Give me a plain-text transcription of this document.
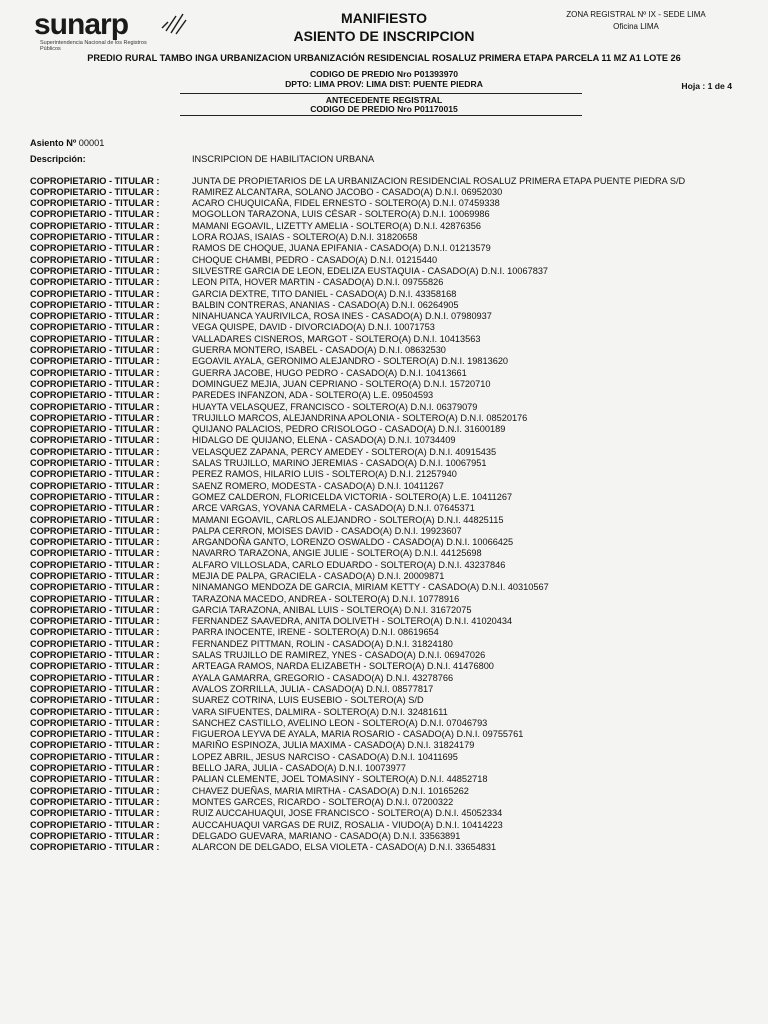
sunarp
Superintendencia Nacional de los Registros Públicos
MANIFIESTO
ASIENTO DE INSCRIPCION
ZONA REGISTRAL Nº IX - SEDE LIMA
Oficina LIMA
PREDIO RURAL TAMBO INGA URBANIZACION URBANIZACIÓN RESIDENCIAL ROSALUZ PRIMERA ETAPA PARCELA 11 MZ A1 LOTE 26
CODIGO DE PREDIO Nro P01393970
DPTO: LIMA PROV: LIMA DIST: PUENTE PIEDRA	Hoja : 1 de 4
ANTECEDENTE REGISTRAL
CODIGO DE PREDIO Nro P01170015
Asiento Nº 00001
Descripción:	INSCRIPCION DE HABILITACION URBANA
COPROPIETARIO - TITULAR :	JUNTA DE PROPIETARIOS DE LA URBANIZACION RESIDENCIAL ROSALUZ PRIMERA ETAPA PUENTE PIEDRA S/D
COPROPIETARIO - TITULAR :	RAMIREZ ALCANTARA, SOLANO JACOBO - CASADO(A) D.N.I. 06952030
COPROPIETARIO - TITULAR :	ACARO CHUQUICAÑA, FIDEL ERNESTO - SOLTERO(A) D.N.I. 07459338
COPROPIETARIO - TITULAR :	MOGOLLON TARAZONA, LUIS CÉSAR - SOLTERO(A) D.N.I. 10069986
COPROPIETARIO - TITULAR :	MAMANI EGOAVIL, LIZETTY AMELIA - SOLTERO(A) D.N.I. 42876356
COPROPIETARIO - TITULAR :	LORA ROJAS, ISAIAS - SOLTERO(A) D.N.I. 31820658
COPROPIETARIO - TITULAR :	RAMOS DE CHOQUE, JUANA EPIFANIA - CASADO(A) D.N.I. 01213579
COPROPIETARIO - TITULAR :	CHOQUE CHAMBI, PEDRO - CASADO(A) D.N.I. 01215440
COPROPIETARIO - TITULAR :	SILVESTRE GARCIA DE LEON, EDELIZA EUSTAQUIA - CASADO(A) D.N.I. 10067837
COPROPIETARIO - TITULAR :	LEON PITA, HOVER MARTIN - CASADO(A) D.N.I. 09755826
COPROPIETARIO - TITULAR :	GARCIA DEXTRE, TITO DANIEL - CASADO(A) D.N.I. 43358168
COPROPIETARIO - TITULAR :	BALBIN CONTRERAS, ANANIAS - CASADO(A) D.N.I. 06264905
COPROPIETARIO - TITULAR :	NINAHUANCA YAURIVILCA, ROSA INES - CASADO(A) D.N.I. 07980937
COPROPIETARIO - TITULAR :	VEGA QUISPE, DAVID - DIVORCIADO(A) D.N.I. 10071753
COPROPIETARIO - TITULAR :	VALLADARES CISNEROS, MARGOT - SOLTERO(A) D.N.I. 10413563
COPROPIETARIO - TITULAR :	GUERRA MONTERO, ISABEL - CASADO(A) D.N.I. 08632530
COPROPIETARIO - TITULAR :	EGOAVIL AYALA, GERONIMO ALEJANDRO - SOLTERO(A) D.N.I. 19813620
COPROPIETARIO - TITULAR :	GUERRA JACOBE, HUGO PEDRO - CASADO(A) D.N.I. 10413661
COPROPIETARIO - TITULAR :	DOMINGUEZ MEJIA, JUAN CEPRIANO - SOLTERO(A) D.N.I. 15720710
COPROPIETARIO - TITULAR :	PAREDES INFANZON, ADA - SOLTERO(A) L.E. 09504593
COPROPIETARIO - TITULAR :	HUAYTA VELASQUEZ, FRANCISCO - SOLTERO(A) D.N.I. 06379079
COPROPIETARIO - TITULAR :	TRUJILLO MARCOS, ALEJANDRINA APOLONIA - SOLTERO(A) D.N.I. 08520176
COPROPIETARIO - TITULAR :	QUIJANO PALACIOS, PEDRO CRISOLOGO - CASADO(A) D.N.I. 31600189
COPROPIETARIO - TITULAR :	HIDALGO DE QUIJANO, ELENA - CASADO(A) D.N.I. 10734409
COPROPIETARIO - TITULAR :	VELASQUEZ ZAPANA, PERCY AMEDEY - SOLTERO(A) D.N.I. 40915435
COPROPIETARIO - TITULAR :	SALAS TRUJILLO, MARINO JEREMIAS - CASADO(A) D.N.I. 10067951
COPROPIETARIO - TITULAR :	PEREZ RAMOS, HILARIO LUIS - SOLTERO(A) D.N.I. 21257940
COPROPIETARIO - TITULAR :	SAENZ ROMERO, MODESTA - CASADO(A) D.N.I. 10411267
COPROPIETARIO - TITULAR :	GOMEZ CALDERON, FLORICELDA VICTORIA - SOLTERO(A) L.E. 10411267
COPROPIETARIO - TITULAR :	ARCE VARGAS, YOVANA CARMELA - CASADO(A) D.N.I. 07645371
COPROPIETARIO - TITULAR :	MAMANI EGOAVIL, CARLOS ALEJANDRO - SOLTERO(A) D.N.I. 44825115
COPROPIETARIO - TITULAR :	PALPA CERRON, MOISES DAVID - CASADO(A) D.N.I. 19923607
COPROPIETARIO - TITULAR :	ARGANDOÑA GANTO, LORENZO OSWALDO - CASADO(A) D.N.I. 10066425
COPROPIETARIO - TITULAR :	NAVARRO TARAZONA, ANGIE JULIE - SOLTERO(A) D.N.I. 44125698
COPROPIETARIO - TITULAR :	ALFARO VILLOSLADA, CARLO EDUARDO - SOLTERO(A) D.N.I. 43237846
COPROPIETARIO - TITULAR :	MEJIA DE PALPA, GRACIELA - CASADO(A) D.N.I. 20009871
COPROPIETARIO - TITULAR :	NINAMANGO MENDOZA DE GARCIA, MIRIAM KETTY - CASADO(A) D.N.I. 40310567
COPROPIETARIO - TITULAR :	TARAZONA MACEDO, ANDREA - SOLTERO(A) D.N.I. 10778916
COPROPIETARIO - TITULAR :	GARCIA TARAZONA, ANIBAL LUIS - SOLTERO(A) D.N.I. 31672075
COPROPIETARIO - TITULAR :	FERNANDEZ SAAVEDRA, ANITA DOLIVETH - SOLTERO(A) D.N.I. 41020434
COPROPIETARIO - TITULAR :	PARRA INOCENTE, IRENE - SOLTERO(A) D.N.I. 08619654
COPROPIETARIO - TITULAR :	FERNANDEZ PITTMAN, ROLIN - CASADO(A) D.N.I. 31824180
COPROPIETARIO - TITULAR :	SALAS TRUJILLO DE RAMIREZ, YNES - CASADO(A) D.N.I. 06947026
COPROPIETARIO - TITULAR :	ARTEAGA RAMOS, NARDA ELIZABETH - SOLTERO(A) D.N.I. 41476800
COPROPIETARIO - TITULAR :	AYALA GAMARRA, GREGORIO - CASADO(A) D.N.I. 43278766
COPROPIETARIO - TITULAR :	AVALOS ZORRILLA, JULIA - CASADO(A) D.N.I. 08577817
COPROPIETARIO - TITULAR :	SUAREZ COTRINA, LUIS EUSEBIO - SOLTERO(A) S/D
COPROPIETARIO - TITULAR :	VARA SIFUENTES, DALMIRA - SOLTERO(A) D.N.I. 32481611
COPROPIETARIO - TITULAR :	SANCHEZ CASTILLO, AVELINO LEON - SOLTERO(A) D.N.I. 07046793
COPROPIETARIO - TITULAR :	FIGUEROA LEYVA DE AYALA, MARIA ROSARIO - CASADO(A) D.N.I. 09755761
COPROPIETARIO - TITULAR :	MARIÑO ESPINOZA, JULIA MAXIMA - CASADO(A) D.N.I. 31824179
COPROPIETARIO - TITULAR :	LOPEZ ABRIL, JESUS NARCISO - CASADO(A) D.N.I. 10411695
COPROPIETARIO - TITULAR :	BELLO JARA, JULIA - CASADO(A) D.N.I. 10073977
COPROPIETARIO - TITULAR :	PALIAN CLEMENTE, JOEL TOMASINY - SOLTERO(A) D.N.I. 44852718
COPROPIETARIO - TITULAR :	CHAVEZ DUEÑAS, MARIA MIRTHA - CASADO(A) D.N.I. 10165262
COPROPIETARIO - TITULAR :	MONTES GARCES, RICARDO - SOLTERO(A) D.N.I. 07200322
COPROPIETARIO - TITULAR :	RUIZ AUCCAHUAQUI, JOSE FRANCISCO - SOLTERO(A) D.N.I. 45052334
COPROPIETARIO - TITULAR :	AUCCAHUAQUI VARGAS DE RUIZ, ROSALIA - VIUDO(A) D.N.I. 10414223
COPROPIETARIO - TITULAR :	DELGADO GUEVARA, MARIANO - CASADO(A) D.N.I. 33563891
COPROPIETARIO - TITULAR :	ALARCON DE DELGADO, ELSA VIOLETA - CASADO(A) D.N.I. 33654831
